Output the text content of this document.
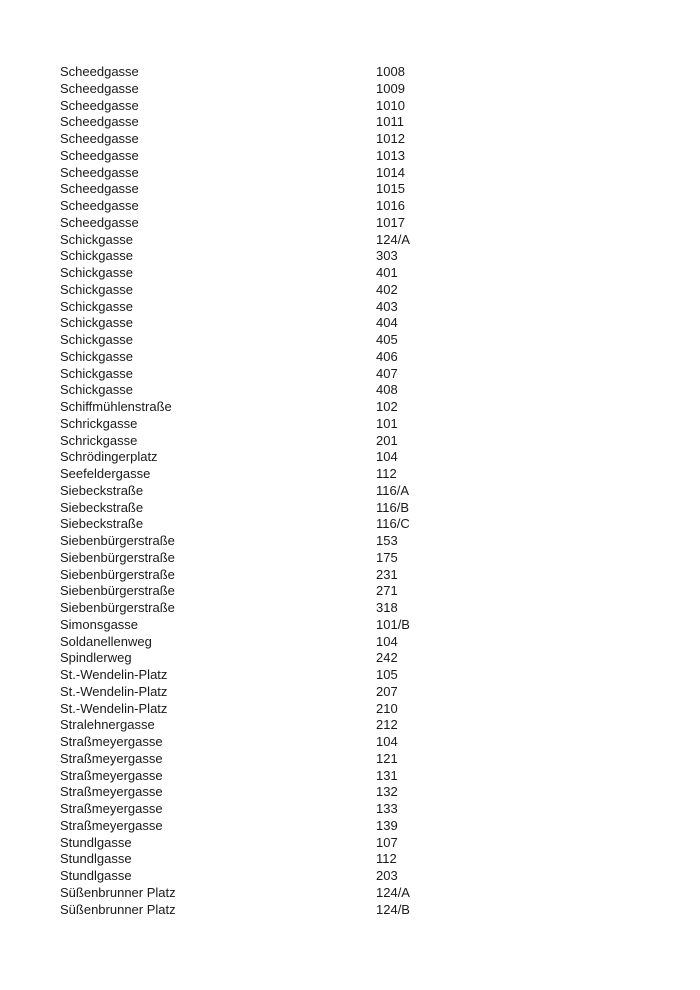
Scheedgasse	1008
Scheedgasse	1009
Scheedgasse	1010
Scheedgasse	1011
Scheedgasse	1012
Scheedgasse	1013
Scheedgasse	1014
Scheedgasse	1015
Scheedgasse	1016
Scheedgasse	1017
Schickgasse	124/A
Schickgasse	303
Schickgasse	401
Schickgasse	402
Schickgasse	403
Schickgasse	404
Schickgasse	405
Schickgasse	406
Schickgasse	407
Schickgasse	408
Schiffmühlenstraße	102
Schrickgasse	101
Schrickgasse	201
Schrödingerplatz	104
Seefeldergasse	112
Siebeckstraße	116/A
Siebeckstraße	116/B
Siebeckstraße	116/C
Siebenbürgerstraße	153
Siebenbürgerstraße	175
Siebenbürgerstraße	231
Siebenbürgerstraße	271
Siebenbürgerstraße	318
Simonsgasse	101/B
Soldanellenweg	104
Spindlerweg	242
St.-Wendelin-Platz	105
St.-Wendelin-Platz	207
St.-Wendelin-Platz	210
Stralehnergasse	212
Straßmeyergasse	104
Straßmeyergasse	121
Straßmeyergasse	131
Straßmeyergasse	132
Straßmeyergasse	133
Straßmeyergasse	139
Stundlgasse	107
Stundlgasse	112
Stundlgasse	203
Süßenbrunner Platz	124/A
Süßenbrunner Platz	124/B
